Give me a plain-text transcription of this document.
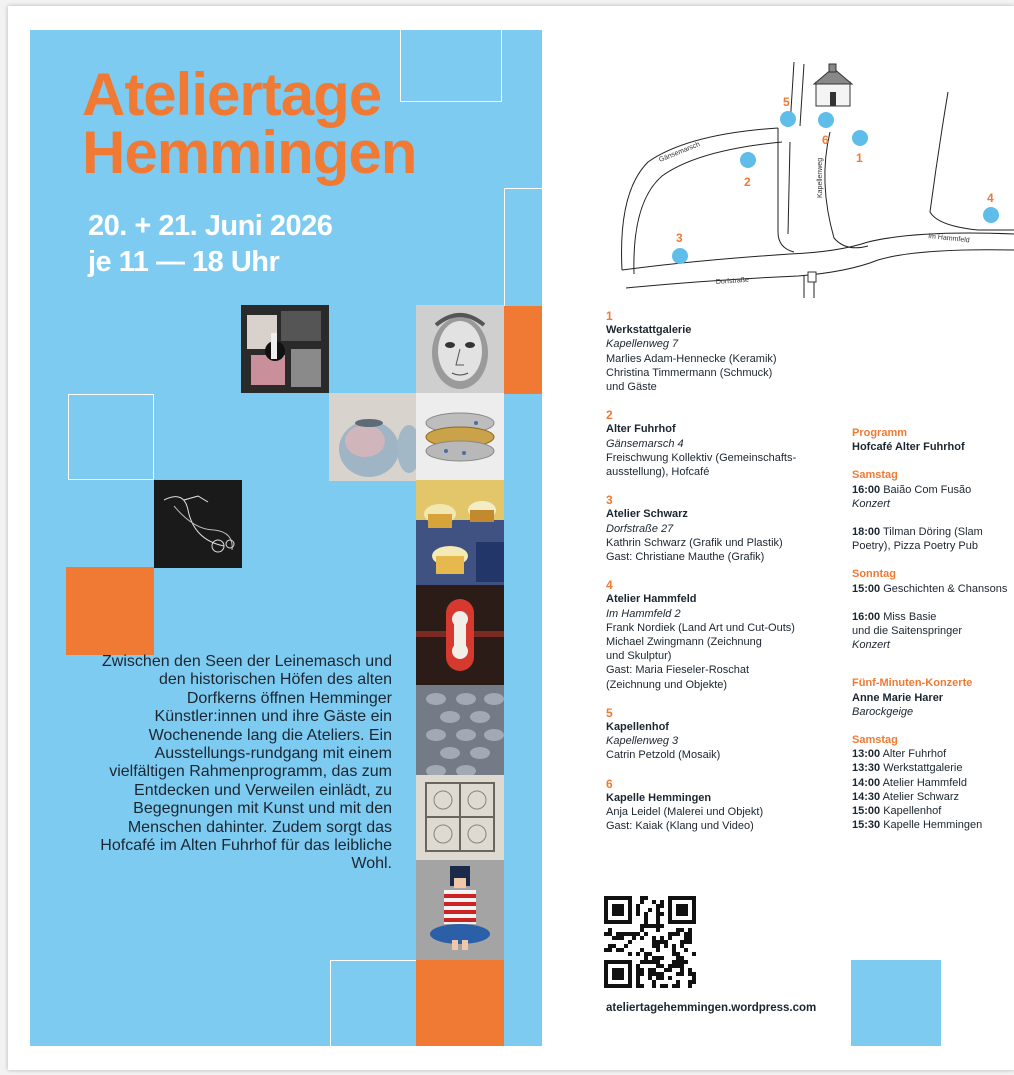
Ateliertage
Hemmingen
20. + 21. Juni 2026
je 11 — 18 Uhr
Zwischen den Seen der Leinemasch und den historischen Höfen des alten Dorfkerns öffnen Hemminger Künstler:innen und ihre Gäste ein Wochenende lang die Ateliers. Ein Ausstellungs-rundgang mit einem vielfältigen Rahmenprogramm, das zum Entdecken und Verweilen einlädt, zu Begegnungen mit Kunst und mit den Menschen dahinter. Zudem sorgt das Hofcafé im Alten Fuhrhof für das leibliche Wohl.
Gänsemarsch
Kapellenweg
Im Hammfeld
Dorfstraße
1
2
3
4
5
6
1
Werkstattgalerie
Kapellenweg 7
Marlies Adam-Hennecke (Keramik)
Christina Timmermann (Schmuck)
und Gäste
2
Alter Fuhrhof
Gänsemarsch 4
Freischwung Kollektiv (Gemeinschafts-
ausstellung), Hofcafé
3
Atelier Schwarz
Dorfstraße 27
Kathrin Schwarz (Grafik und Plastik)
Gast: Christiane Mauthe (Grafik)
4
Atelier Hammfeld
Im Hammfeld 2
Frank Nordiek (Land Art und Cut-Outs)
Michael Zwingmann (Zeichnung
und Skulptur)
Gast: Maria Fieseler-Roschat
(Zeichnung und Objekte)
5
Kapellenhof
Kapellenweg 3
Catrin Petzold (Mosaik)
6
Kapelle Hemmingen
Anja Leidel (Malerei und Objekt)
Gast: Kaiak (Klang und Video)
Programm
Hofcafé Alter Fuhrhof
Samstag
16:00 Baião Com Fusão
Konzert
18:00 Tilman Döring (Slam
Poetry), Pizza Poetry Pub
Sonntag
15:00 Geschichten & Chansons
16:00 Miss Basie
und die Saitenspringer
Konzert
Fünf-Minuten-Konzerte
Anne Marie Harer
Barockgeige
Samstag
13:00 Alter Fuhrhof
13:30 Werkstattgalerie
14:00 Atelier Hammfeld
14:30 Atelier Schwarz
15:00 Kapellenhof
15:30 Kapelle Hemmingen
ateliertagehemmingen.wordpress.com
